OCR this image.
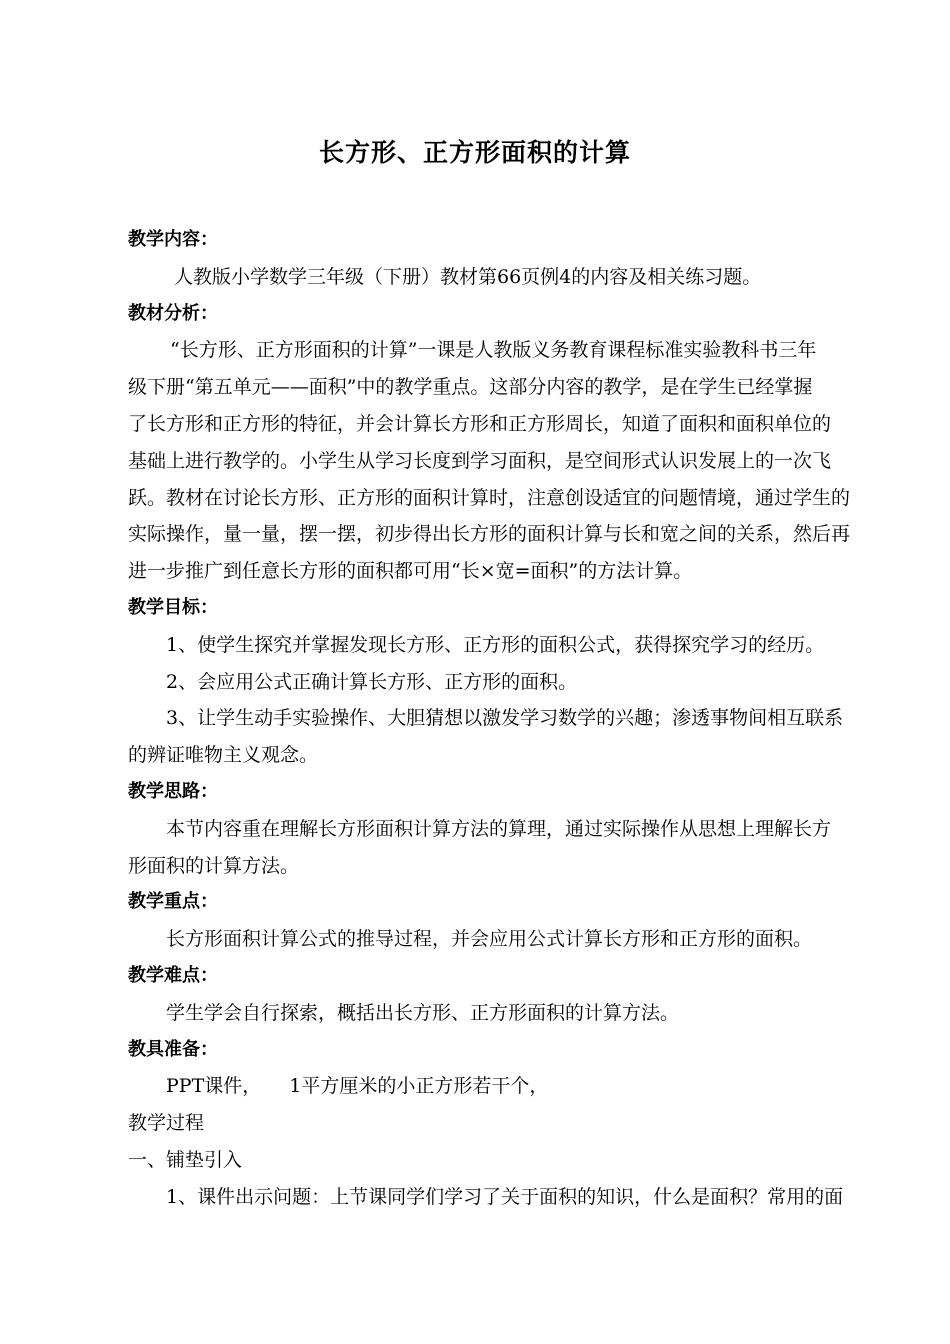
长方形、正方形面积的计算

教学内容：

人教版小学数学三年级（下册）教材第66页例4的内容及相关练习题。

教材分析：

“长方形、正方形面积的计算”一课是人教版义务教育课程标准实验教科书三年
级下册“第五单元——面积”中的教学重点。这部分内容的教学，是在学生已经掌握
了长方形和正方形的特征，并会计算长方形和正方形周长，知道了面积和面积单位的
基础上进行教学的。小学生从学习长度到学习面积，是空间形式认识发展上的一次飞
跃。教材在讨论长方形、正方形的面积计算时，注意创设适宜的问题情境，通过学生的
实际操作，量一量，摆一摆，初步得出长方形的面积计算与长和宽之间的关系，然后再
进一步推广到任意长方形的面积都可用“长×宽=面积”的方法计算。

教学目标：

1、使学生探究并掌握发现长方形、正方形的面积公式，获得探究学习的经历。

2、会应用公式正确计算长方形、正方形的面积。

3、让学生动手实验操作、大胆猜想以激发学习数学的兴趣；渗透事物间相互联系
的辨证唯物主义观念。

教学思路：

本节内容重在理解长方形面积计算方法的算理，通过实际操作从思想上理解长方
形面积的计算方法。

教学重点：

长方形面积计算公式的推导过程，并会应用公式计算长方形和正方形的面积。

教学难点：

学生学会自行探索，概括出长方形、正方形面积的计算方法。

教具准备：

PPT课件， 1平方厘米的小正方形若干个，

教学过程

一、铺垫引入

1、课件出示问题：上节课同学们学习了关于面积的知识，什么是面积？常用的面
